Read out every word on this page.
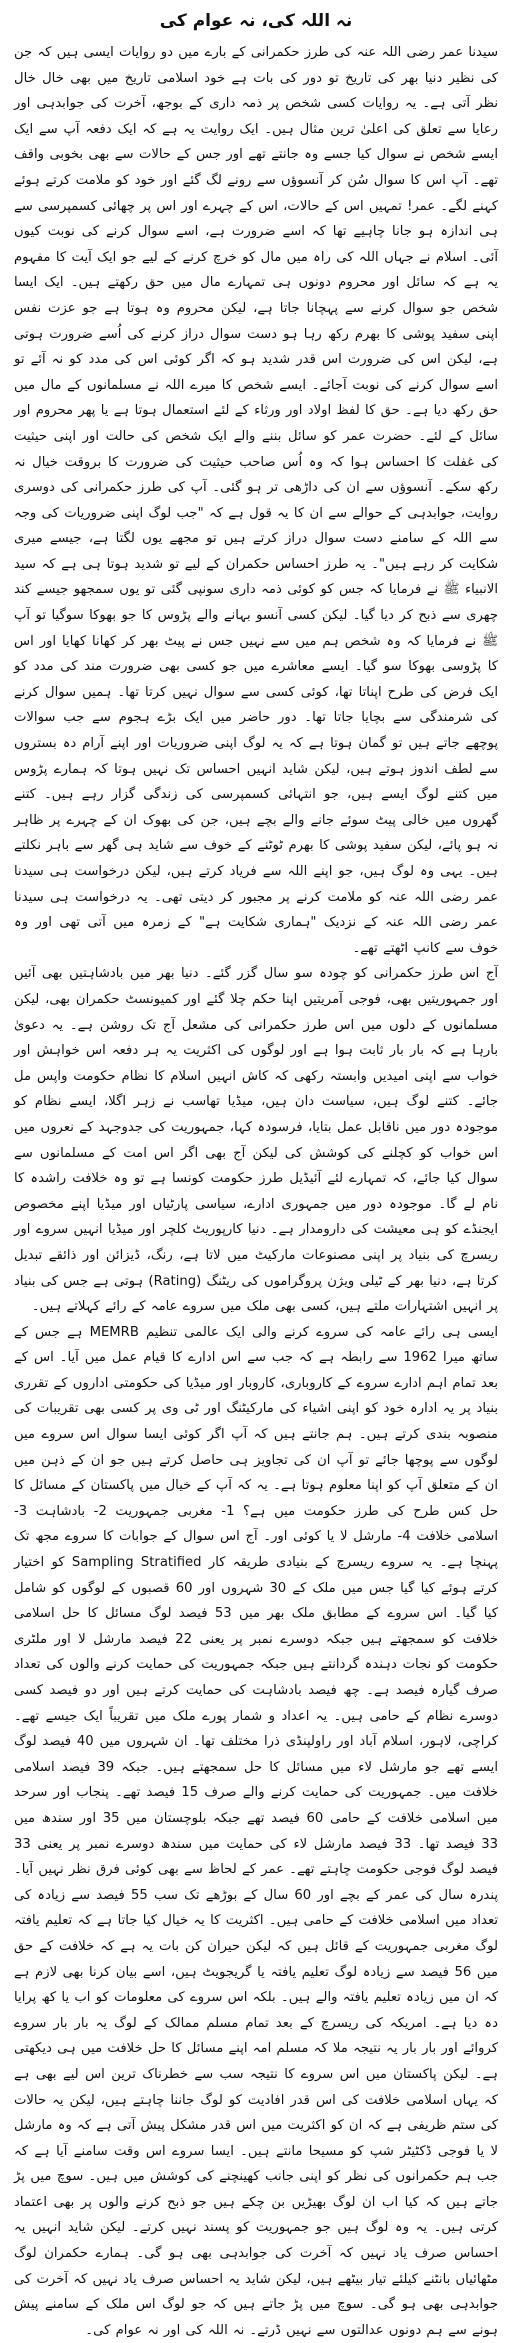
نہ اللہ کی، نہ عوام کی

سیدنا عمر رضی اللہ عنہ کی طرز حکمرانی کے بارے میں دو روایات ایسی ہیں کہ جن کی نظیر دنیا بھر کی تاریخ تو دور کی بات ہے خود اسلامی تاریخ میں بھی خال خال نظر آتی ہے۔ یہ روایات کسی شخص پر ذمہ داری کے بوجھ، آخرت کی جوابدہی اور رعایا سے تعلق کی اعلیٰ ترین مثال ہیں۔ ایک روایت یہ ہے کہ ایک دفعہ آپ سے ایک ایسے شخص نے سوال کیا جسے وہ جانتے تھے اور جس کے حالات سے بھی بخوبی واقف تھے۔ آپ اس کا سوال سُن کر آنسوؤں سے رونے لگ گئے اور خود کو ملامت کرتے ہوئے کہنے لگے۔ عمر! تمہیں اس کے حالات، اس کے چہرے اور اس پر چھائی کسمپرسی سے ہی اندازہ ہو جانا چاہیے تھا کہ اسے ضرورت ہے، اسے سوال کرنے کی نوبت کیوں آئی۔ اسلام نے جہاں اللہ کی راہ میں مال کو خرچ کرنے کے لیے جو ایک آیت کا مفہوم یہ ہے کہ سائل اور محروم دونوں ہی تمہارے مال میں حق رکھتے ہیں۔ ایک ایسا شخص جو سوال کرنے سے پہچانا جاتا ہے، لیکن محروم وہ ہوتا ہے جو عزت نفس اپنی سفید پوشی کا بھرم رکھ رہا ہو دست سوال دراز کرنے کی اُسے ضرورت ہوتی ہے، لیکن اس کی ضرورت اس قدر شدید ہو کہ اگر کوئی اس کی مدد کو نہ آئے تو اسے سوال کرنے کی نوبت آجائے۔ ایسے شخص کا میرے اللہ نے مسلمانوں کے مال میں حق رکھ دیا ہے۔ حق کا لفظ اولاد اور ورثاء کے لئے استعمال ہوتا ہے یا پھر محروم اور سائل کے لئے۔ حضرت عمر کو سائل بننے والے ایک شخص کی حالت اور اپنی حیثیت کی غفلت کا احساس ہوا کہ وہ اُس صاحب حیثیت کی ضرورت کا بروقت خیال نہ رکھ سکے۔ آنسوؤں سے ان کی داڑھی تر ہو گئی۔ آپ کی طرز حکمرانی کی دوسری روایت، جوابدہی کے حوالے سے ان کا یہ قول ہے کہ "جب لوگ اپنی ضروریات کی وجہ سے اللہ کے سامنے دست سوال دراز کرتے ہیں تو مجھے یوں لگتا ہے، جیسے میری شکایت کر رہے ہیں"۔ یہ طرز احساس حکمران کے لیے تو شدید ہوتا ہی ہے کہ سید الانبیاء ﷺ نے فرمایا کہ جس کو کوئی ذمہ داری سونپی گئی تو یوں سمجھو جیسے کند چھری سے ذبح کر دیا گیا۔ لیکن کسی آنسو بہانے والے پڑوس کا جو بھوکا سوگیا تو آپ ﷺ نے فرمایا کہ وہ شخص ہم میں سے نہیں جس نے پیٹ بھر کر کھانا کھایا اور اس کا پڑوسی بھوکا سو گیا۔ ایسے معاشرے میں جو کسی بھی ضرورت مند کی مدد کو ایک فرض کی طرح اپناتا تھا، کوئی کسی سے سوال نہیں کرتا تھا۔ ہمیں سوال کرنے کی شرمندگی سے بچایا جاتا تھا۔ دور حاضر میں ایک بڑے ہجوم سے جب سوالات پوچھے جاتے ہیں تو گمان ہوتا ہے کہ یہ لوگ اپنی ضروریات اور اپنے آرام دہ بستروں سے لطف اندوز ہوتے ہیں، لیکن شاید انہیں احساس تک نہیں ہوتا کہ ہمارے پڑوس میں کتنے لوگ ایسے ہیں، جو انتہائی کسمپرسی کی زندگی گزار رہے ہیں۔ کتنے گھروں میں خالی پیٹ سوئے جانے والے بچے ہیں، جن کی بھوک ان کے چہرے پر ظاہر نہ ہو پائے، لیکن سفید پوشی کا بھرم ٹوٹنے کے خوف سے شاید ہی گھر سے باہر نکلتے ہیں۔ یہی وہ لوگ ہیں، جو اپنے اللہ سے فریاد کرتے ہیں، لیکن درخواست ہی سیدنا عمر رضی اللہ عنہ کو ملامت کرنے پر مجبور کر دیتی تھی۔ یہ درخواست ہی سیدنا عمر رضی اللہ عنہ کے نزدیک "ہماری شکایت ہے" کے زمرہ میں آتی تھی اور وہ خوف سے کانپ اٹھتے تھے۔

آج اس طرز حکمرانی کو چودہ سو سال گزر گئے۔ دنیا بھر میں بادشاہتیں بھی آئیں اور جمہوریتیں بھی، فوجی آمریتیں اپنا حکم چلا گئے اور کمیونسٹ حکمران بھی، لیکن مسلمانوں کے دلوں میں اس طرز حکمرانی کی مشعل آج تک روشن ہے۔ یہ دعویٰ بارہا ہے کہ بار بار ثابت ہوا ہے اور لوگوں کی اکثریت یہ ہر دفعہ اس خواہش اور خواب سے اپنی امیدیں وابستہ رکھی کہ کاش انہیں اسلام کا نظام حکومت واپس مل جائے۔ کتنے لوگ ہیں، سیاست دان ہیں، میڈیا تھاسب نے زہر اگلا، ایسے نظام کو موجودہ دور میں ناقابل عمل بتایا، فرسودہ کہا، جمہوریت کی جدوجہد کے نعروں میں اس خواب کو کچلنے کی کوشش کی لیکن آج بھی اگر اس امت کے مسلمانوں سے سوال کیا جائے، کہ تمہارے لئے آئیڈیل طرز حکومت کونسا ہے تو وہ خلافت راشدہ کا نام لے گا۔ موجودہ دور میں جمہوری ادارے، سیاسی پارٹیاں اور میڈیا اپنے مخصوص ایجنڈے کو ہی معیشت کی دارومدار ہے۔ دنیا کارپوریٹ کلچر اور میڈیا انہیں سروے اور ریسرچ کی بنیاد پر اپنی مصنوعات مارکیٹ میں لاتا ہے، رنگ، ڈیزائن اور ذائقے تبدیل کرتا ہے، دنیا بھر کے ٹیلی ویژن پروگراموں کی ریٹنگ (Rating) ہوتی ہے جس کی بنیاد پر انہیں اشتہارات ملتے ہیں، کسی بھی ملک میں سروے عامہ کے رائے کہلاتے ہیں۔

ایسی ہی رائے عامہ کی سروے کرنے والی ایک عالمی تنظیم MEMRB ہے جس کے ساتھ میرا 1962 سے رابطہ ہے کہ جب سے اس ادارے کا قیام عمل میں آیا۔ اس کے بعد تمام اہم ادارے سروے کے کاروباری، کاروبار اور میڈیا کی حکومتی اداروں کے تقرری بنیاد پر یہ ادارہ خود کو اپنی اشیاء کی مارکیٹنگ اور ٹی وی پر کسی بھی تقریبات کی منصوبہ بندی کرتے ہیں۔ ہم جانتے ہیں کہ آپ اگر کوئی ایسا سوال اس سروے میں لوگوں سے پوچھا جائے تو آپ ان کی تجاویز ہی حاصل کرتے ہیں جو ان کے ذہن میں ان کے متعلق آپ کو اپنا معلوم ہوتا ہے۔ یہ کہ آپ کے خیال میں پاکستان کے مسائل کا حل کس طرح کی طرز حکومت میں ہے؟ 1- مغربی جمہوریت 2- بادشاہت 3- اسلامی خلافت 4- مارشل لا یا کوئی اور۔ آج اس سوال کے جوابات کا سروے مجھ تک پہنچا ہے۔ یہ سروے ریسرچ کے بنیادی طریقہ کار Sampling Stratified کو اختیار کرتے ہوئے کیا گیا جس میں ملک کے 30 شہروں اور 60 قصبوں کے لوگوں کو شامل کیا گیا۔ اس سروے کے مطابق ملک بھر میں 53 فیصد لوگ مسائل کا حل اسلامی خلافت کو سمجھتے ہیں جبکہ دوسرے نمبر پر یعنی 22 فیصد مارشل لا اور ملٹری حکومت کو نجات دہندہ گردانتے ہیں جبکہ جمہوریت کی حمایت کرنے والوں کی تعداد صرف گیارہ فیصد ہے۔ چھ فیصد بادشاہت کی حمایت کرتے ہیں اور دو فیصد کسی دوسرے نظام کے حامی ہیں۔ یہ اعداد و شمار پورے ملک میں تقریباً ایک جیسے تھے۔ کراچی، لاہور، اسلام آباد اور راولپنڈی ذرا مختلف تھا۔ ان شہروں میں 40 فیصد لوگ ایسے تھے جو مارشل لاء میں مسائل کا حل سمجھتے ہیں۔ جبکہ 39 فیصد اسلامی خلافت میں۔ جمہوریت کی حمایت کرنے والے صرف 15 فیصد تھے۔ پنجاب اور سرحد میں اسلامی خلافت کے حامی 60 فیصد تھے جبکہ بلوچستان میں 35 اور سندھ میں 33 فیصد تھا۔ 33 فیصد مارشل لاء کی حمایت میں سندھ دوسرے نمبر پر یعنی 33 فیصد لوگ فوجی حکومت چاہتے تھے۔ عمر کے لحاظ سے بھی کوئی فرق نظر نہیں آیا۔ پندرہ سال کی عمر کے بچے اور 60 سال کے بوڑھے تک سب 55 فیصد سے زیادہ کی تعداد میں اسلامی خلافت کے حامی ہیں۔ اکثریت کا یہ خیال کیا جاتا ہے کہ تعلیم یافتہ لوگ مغربی جمہوریت کے قائل ہیں کہ لیکن حیران کن بات یہ ہے کہ خلافت کے حق میں 56 فیصد سے زیادہ لوگ تعلیم یافتہ یا گریجویٹ ہیں، اسے بیان کرنا بھی لازم ہے کہ ان میں زیادہ تعلیم یافتہ والے ہیں۔ بلکہ اس سروے کی معلومات کو اب یا کھ پرایا دہ دیا ہے۔ امریکہ کی ریسرچ کے بعد تمام مسلم ممالک کے لوگ یہ بار بار سروے کروائے اور بار بار یہ نتیجہ ملا کہ مسلم امہ اپنے مسائل کا حل خلافت میں ہی دیکھتی ہے۔ لیکن پاکستان میں اس سروے کا نتیجہ سب سے خطرناک ترین اس لیے بھی ہے کہ یہاں اسلامی خلافت کی اس قدر افادیت کو لوگ جاننا چاہتے ہیں، لیکن یہ حالات کی ستم ظریفی ہے کہ ان کو اکثریت میں اس قدر مشکل پیش آتی ہے کہ وہ مارشل لا یا فوجی ڈکٹیٹر شپ کو مسیحا مانتے ہیں۔ ایسا سروے اس وقت سامنے آیا ہے کہ جب ہم حکمرانوں کی نظر کو اپنی جانب کھینچنے کی کوشش میں ہیں۔ سوچ میں پڑ جاتے ہیں کہ کیا اب ان لوگ بھیڑیں بن چکے ہیں جو ذبح کرنے والوں پر بھی اعتماد کرتی ہیں۔ یہ وہ لوگ ہیں جو جمہوریت کو پسند نہیں کرتے۔ لیکن شاید انہیں یہ احساس صرف یاد نہیں کہ آخرت کی جوابدہی بھی ہو گی۔ ہمارے حکمران لوگ مٹھائیاں بانٹنے کیلئے تیار بیٹھے ہیں، لیکن شاید یہ احساس صرف یاد نہیں کہ آخرت کی جوابدہی بھی ہو گی۔ سوچ میں پڑ جاتے ہیں کہ جو لوگ اس ملک کے سامنے پیش ہونے سے ہم دونوں عدالتوں سے نہیں ڈرتے۔ نہ اللہ کی اور نہ عوام کی۔
